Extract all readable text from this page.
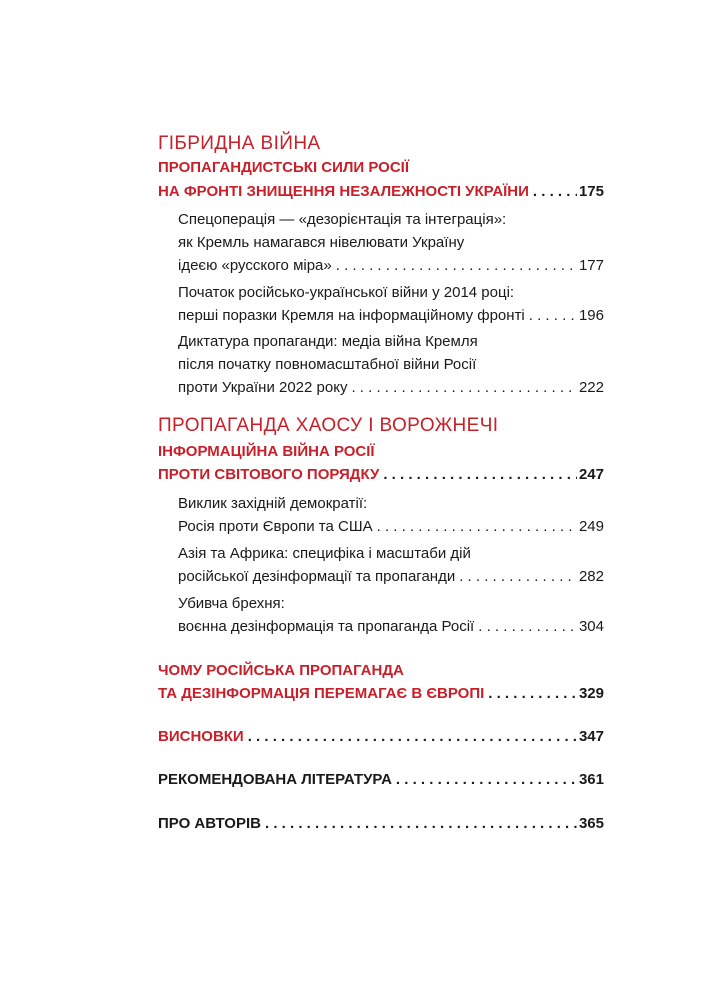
ГІБРИДНА ВІЙНА
ПРОПАГАНДИСТСЬКІ СИЛИ РОСІЇ
НА ФРОНТІ ЗНИЩЕННЯ НЕЗАЛЕЖНОСТІ УКРАЇНИ . . .	175
Спецоперація — «дезорієнтація та інтеграція»:
як Кремль намагався нівелювати Україну
ідеєю «русского міра» . . .	177
Початок російсько-української війни у 2014 році:
перші поразки Кремля на інформаційному фронті . . .	196
Диктатура пропаганди: медіа війна Кремля
після початку повномасштабної війни Росії
проти України 2022 року . . .	222
ПРОПАГАНДА ХАОСУ І ВОРОЖНЕЧІ
ІНФОРМАЦІЙНА ВІЙНА РОСІЇ
ПРОТИ СВІТОВОГО ПОРЯДКУ . . .	247
Виклик західній демократії:
Росія проти Європи та США . . .	249
Азія та Африка: специфіка і масштаби дій
російської дезінформації та пропаганди . . .	282
Убивча брехня:
воєнна дезінформація та пропаганда Росії . . .	304
ЧОМУ РОСІЙСЬКА ПРОПАГАНДА
ТА ДЕЗІНФОРМАЦІЯ ПЕРЕМАГАЄ В ЄВРОПІ . . .	329
ВИСНОВКИ . . .	347
РЕКОМЕНДОВАНА ЛІТЕРАТУРА . . .	361
ПРО АВТОРІВ . . .	365
